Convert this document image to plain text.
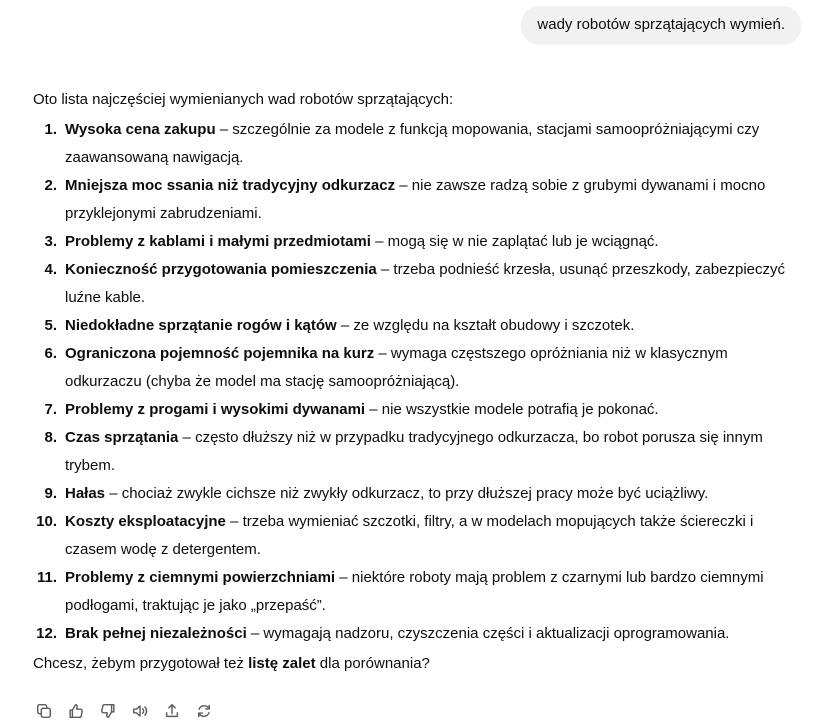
wady robotów sprzątających wymień.

Oto lista najczęściej wymienianych wad robotów sprzątających:

1. Wysoka cena zakupu – szczególnie za modele z funkcją mopowania, stacjami samoopróżniającymi czy zaawansowaną nawigacją.
2. Mniejsza moc ssania niż tradycyjny odkurzacz – nie zawsze radzą sobie z grubymi dywanami i mocno przyklejonymi zabrudzeniami.
3. Problemy z kablami i małymi przedmiotami – mogą się w nie zaplątać lub je wciągnąć.
4. Konieczność przygotowania pomieszczenia – trzeba podnieść krzesła, usunąć przeszkody, zabezpieczyć luźne kable.
5. Niedokładne sprzątanie rogów i kątów – ze względu na kształt obudowy i szczotek.
6. Ograniczona pojemność pojemnika na kurz – wymaga częstszego opróżniania niż w klasycznym odkurzaczu (chyba że model ma stację samoopróżniającą).
7. Problemy z progami i wysokimi dywanami – nie wszystkie modele potrafią je pokonać.
8. Czas sprzątania – często dłuższy niż w przypadku tradycyjnego odkurzacza, bo robot porusza się innym trybem.
9. Hałas – chociaż zwykle cichsze niż zwykły odkurzacz, to przy dłuższej pracy może być uciążliwy.
10. Koszty eksploatacyjne – trzeba wymieniać szczotki, filtry, a w modelach mopujących także ściereczki i czasem wodę z detergentem.
11. Problemy z ciemnymi powierzchniami – niektóre roboty mają problem z czarnymi lub bardzo ciemnymi podłogami, traktując je jako „przepaść”.
12. Brak pełnej niezależności – wymagają nadzoru, czyszczenia części i aktualizacji oprogramowania.

Chcesz, żebym przygotował też listę zalet dla porównania?
